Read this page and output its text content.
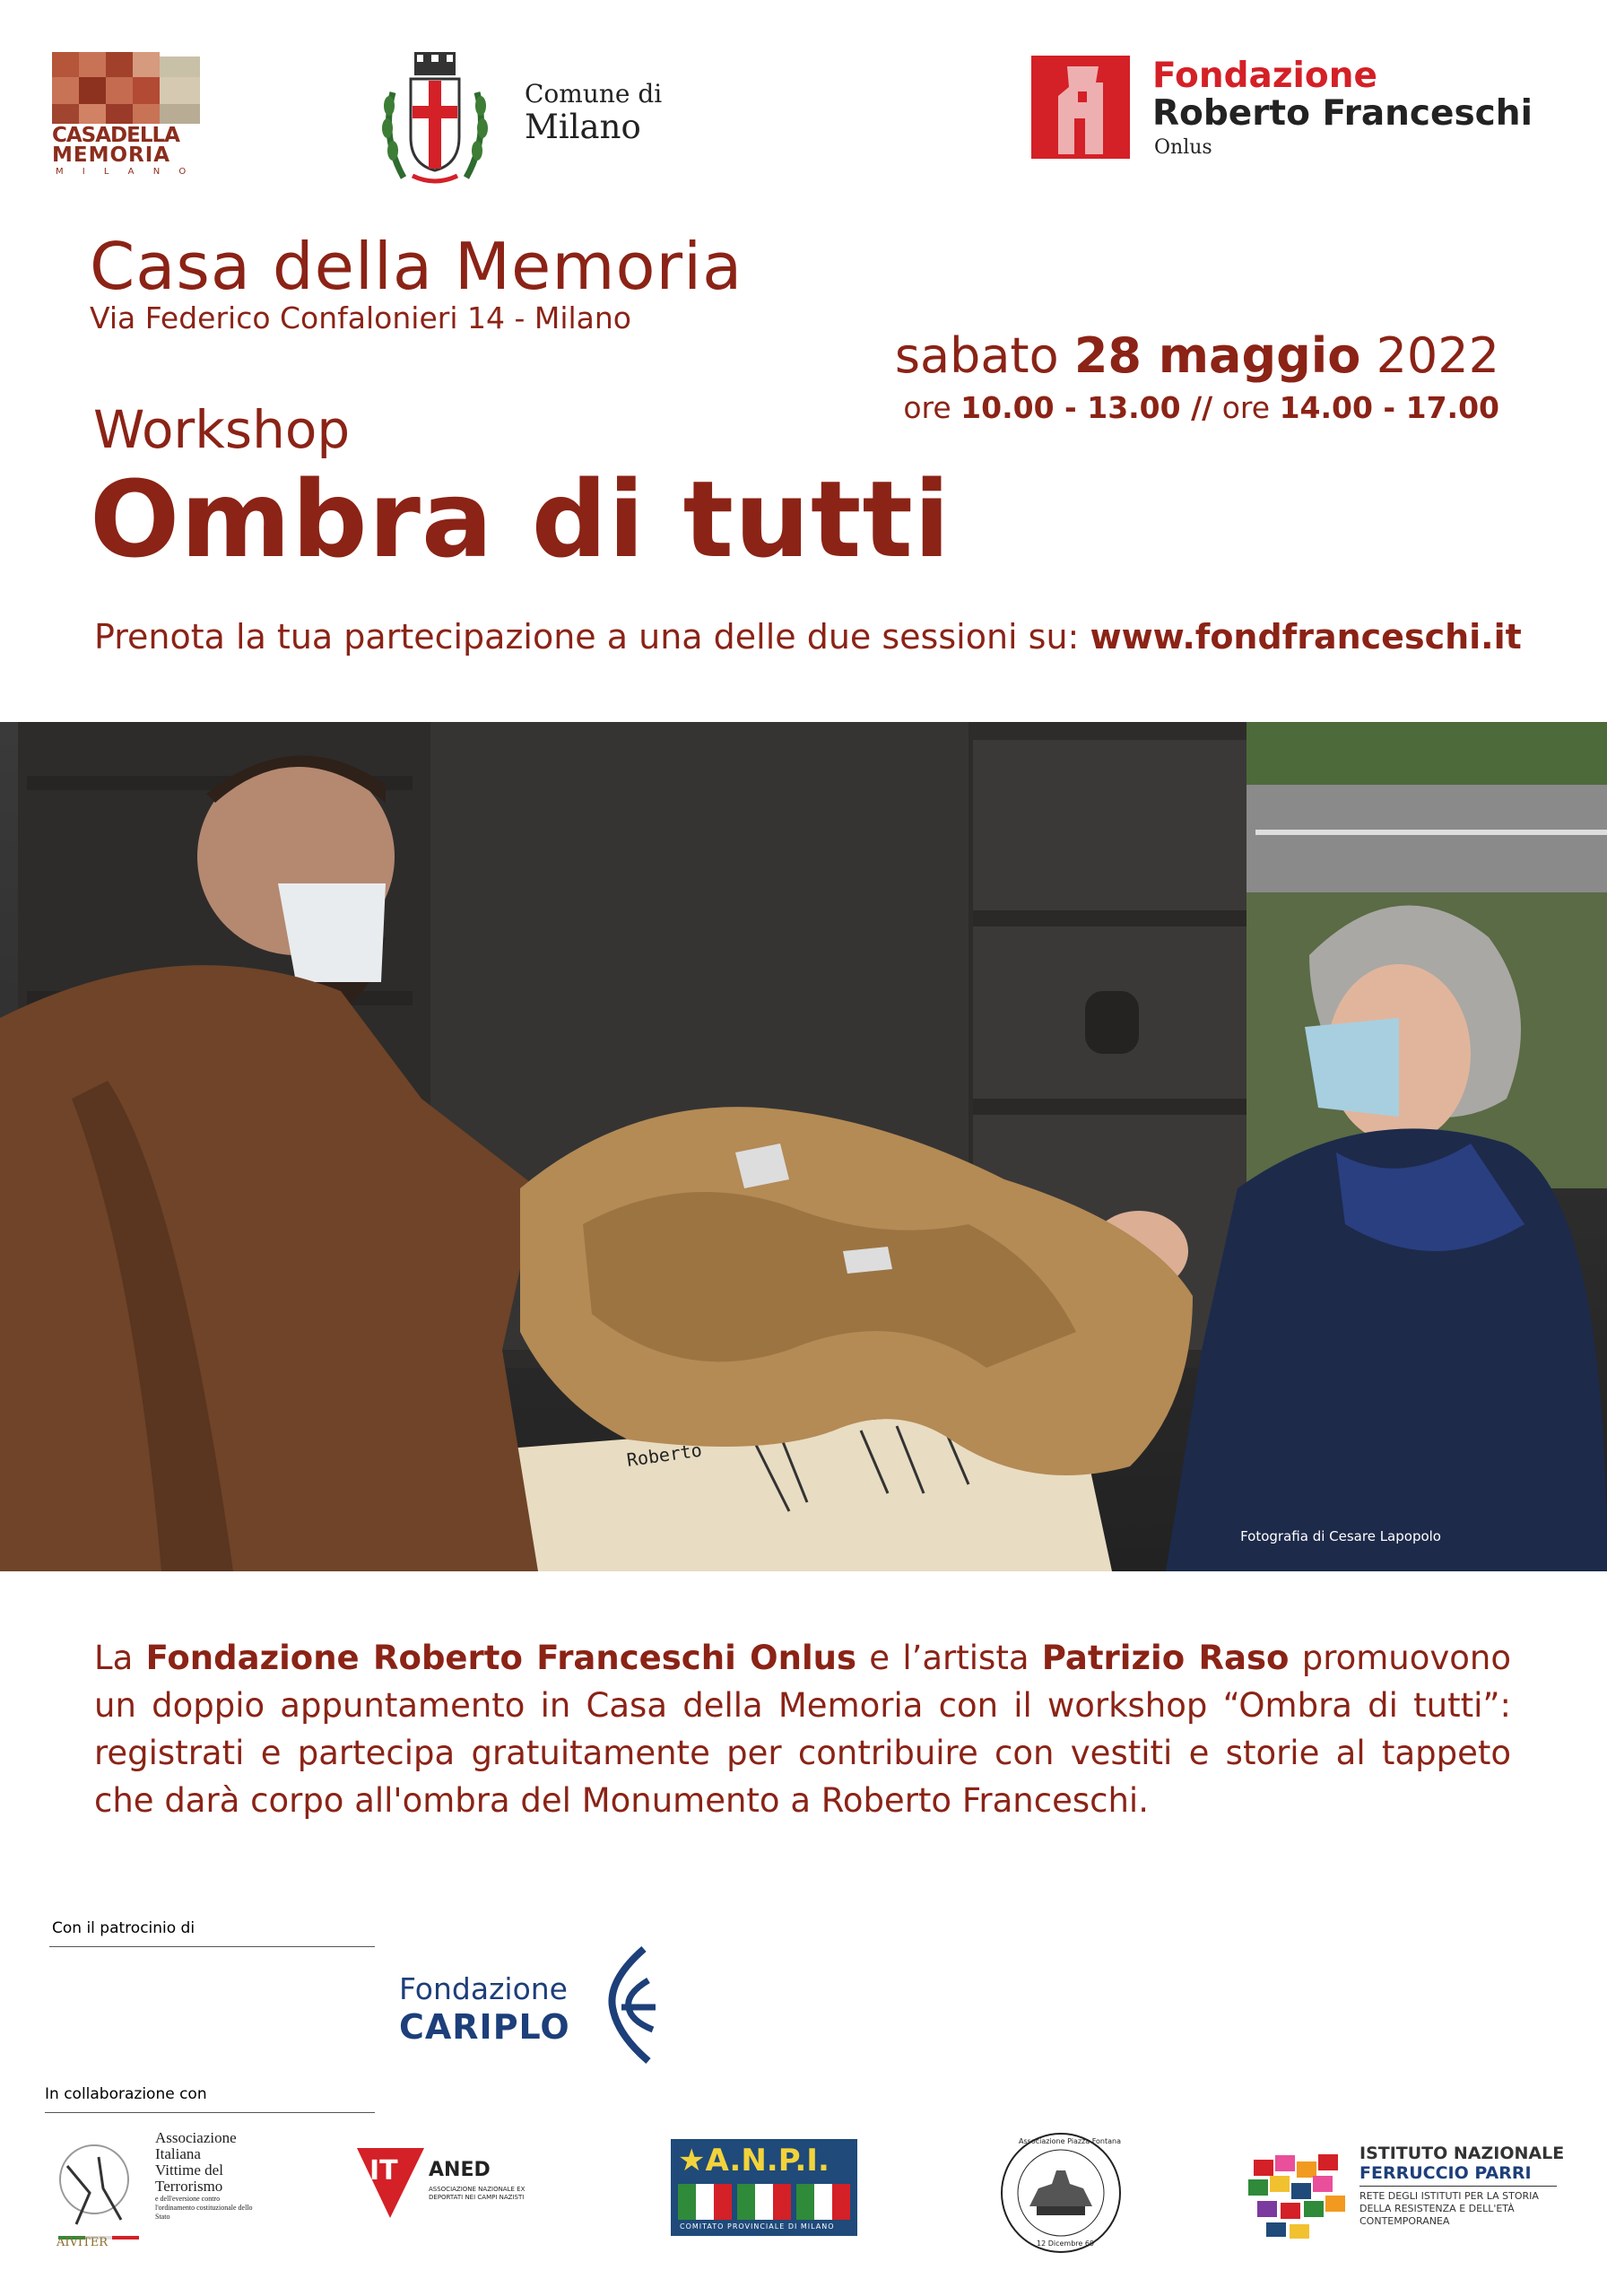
CASADELLA
MEMORIA
M I L A N O
Comune di
Milano
Fondazione
Roberto Franceschi
Onlus
Casa della Memoria
Via Federico Confalonieri 14 - Milano
sabato 28 maggio 2022
ore 10.00 - 13.00 // ore 14.00 - 17.00
Workshop
Ombra di tutti
Prenota la tua partecipazione a una delle due sessioni su: www.fondfranceschi.it
Roberto
Fotografia di Cesare Lapopolo
La Fondazione Roberto Franceschi Onlus e l’artista Patrizio Raso promuovono un doppio appuntamento in Casa della Memoria con il workshop “Ombra di tutti”: registrati e partecipa gratuitamente per contribuire con vestiti e storie al tappeto che darà corpo all'ombra del Monumento a Roberto Franceschi.
Con il patrocinio di
Fondazione
CARIPLO
In collaborazione con
AIVITER
Associazione
Italiana
Vittime del
Terrorismo
e dell'eversione contro l'ordinamento costituzionale dello Stato
IT ANED
ASSOCIAZIONE NAZIONALE EX DEPORTATI NEI CAMPI NAZISTI
★A.N.P.I.
COMITATO PROVINCIALE DI MILANO
Associazione Piazza Fontana
12 Dicembre 69
ISTITUTO NAZIONALE
FERRUCCIO PARRI
RETE DEGLI ISTITUTI PER LA STORIA
DELLA RESISTENZA E DELL'ETÀ
CONTEMPORANEA
